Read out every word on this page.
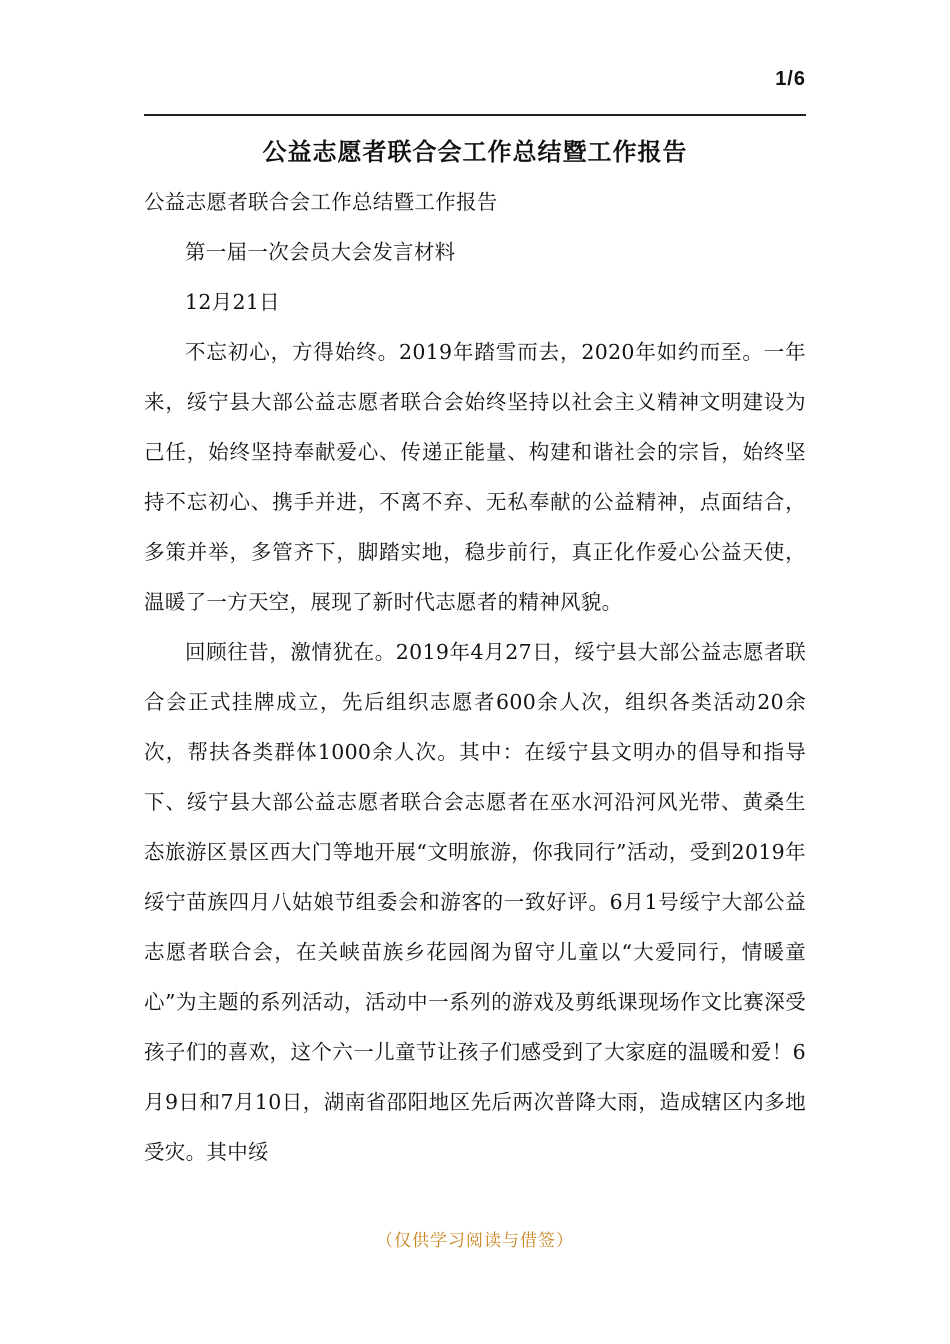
1/6
公益志愿者联合会工作总结暨工作报告

公益志愿者联合会工作总结暨工作报告

第一届一次会员大会发言材料

12月21日

不忘初心，方得始终。2019年踏雪而去，2020年如约而至。一年来，绥宁县大部公益志愿者联合会始终坚持以社会主义精神文明建设为己任，始终坚持奉献爱心、传递正能量、构建和谐社会的宗旨，始终坚持不忘初心、携手并进，不离不弃、无私奉献的公益精神，点面结合，多策并举，多管齐下，脚踏实地，稳步前行，真正化作爱心公益天使，温暖了一方天空，展现了新时代志愿者的精神风貌。

回顾往昔，激情犹在。2019年4月27日，绥宁县大部公益志愿者联合会正式挂牌成立，先后组织志愿者600余人次，组织各类活动20余次，帮扶各类群体1000余人次。其中：在绥宁县文明办的倡导和指导下、绥宁县大部公益志愿者联合会志愿者在巫水河沿河风光带、黄桑生态旅游区景区西大门等地开展“文明旅游，你我同行”活动，受到2019年绥宁苗族四月八姑娘节组委会和游客的一致好评。6月1号绥宁大部公益志愿者联合会，在关峡苗族乡花园阁为留守儿童以“大爱同行，情暖童心”为主题的系列活动，活动中一系列的游戏及剪纸课现场作文比赛深受孩子们的喜欢，这个六一儿童节让孩子们感受到了大家庭的温暖和爱！6月9日和7月10日，湖南省邵阳地区先后两次普降大雨，造成辖区内多地受灾。其中绥

（仅供学习阅读与借签）
